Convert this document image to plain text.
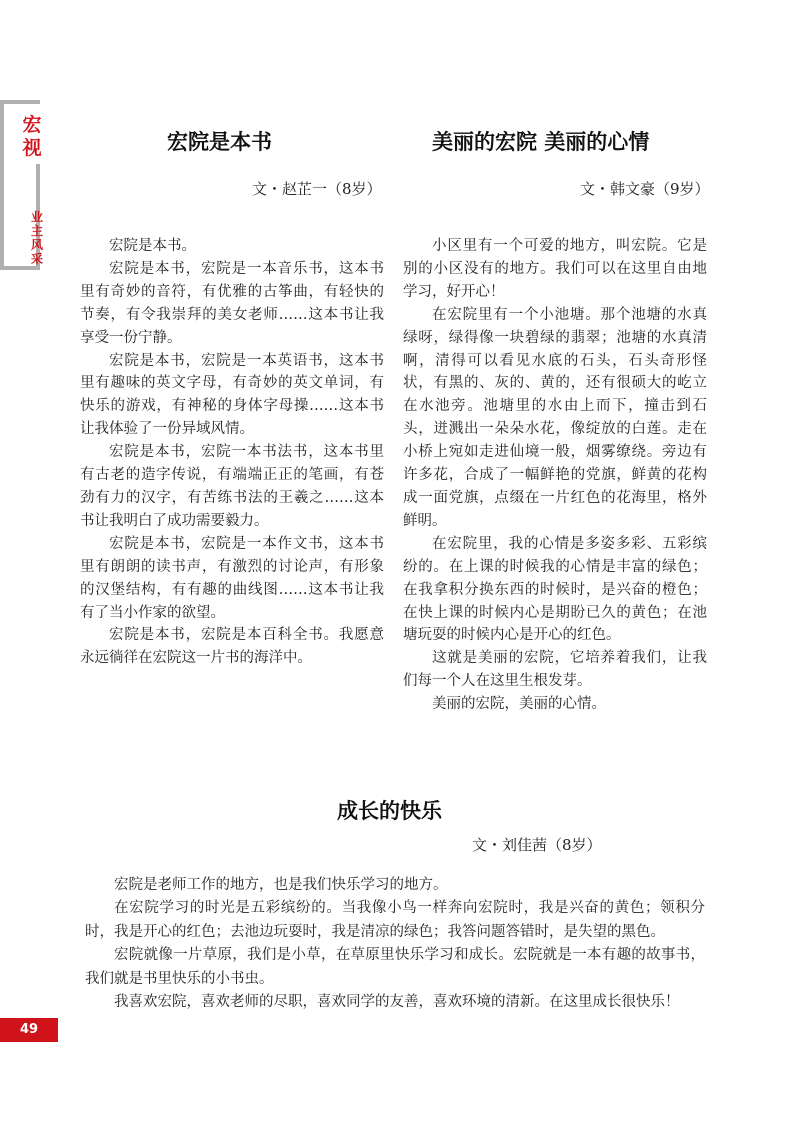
宏视
业主风采
宏院是本书
文・赵芷一（8岁）

宏院是本书。

宏院是本书，宏院是一本音乐书，这本书里有奇妙的音符，有优雅的古筝曲，有轻快的节奏，有令我崇拜的美女老师……这本书让我享受一份宁静。

宏院是本书，宏院是一本英语书，这本书里有趣味的英文字母，有奇妙的英文单词，有快乐的游戏，有神秘的身体字母操……这本书让我体验了一份异域风情。

宏院是本书，宏院一本书法书，这本书里有古老的造字传说，有端端正正的笔画，有苍劲有力的汉字，有苦练书法的王羲之……这本书让我明白了成功需要毅力。

宏院是本书，宏院是一本作文书，这本书里有朗朗的读书声，有激烈的讨论声，有形象的汉堡结构，有有趣的曲线图……这本书让我有了当小作家的欲望。

宏院是本书，宏院是本百科全书。我愿意永远徜徉在宏院这一片书的海洋中。

美丽的宏院 美丽的心情
文・韩文豪（9岁）

小区里有一个可爱的地方，叫宏院。它是别的小区没有的地方。我们可以在这里自由地学习，好开心！

在宏院里有一个小池塘。那个池塘的水真绿呀，绿得像一块碧绿的翡翠；池塘的水真清啊，清得可以看见水底的石头，石头奇形怪状，有黑的、灰的、黄的，还有很硕大的屹立在水池旁。池塘里的水由上而下，撞击到石头，迸溅出一朵朵水花，像绽放的白莲。走在小桥上宛如走进仙境一般，烟雾缭绕。旁边有许多花，合成了一幅鲜艳的党旗，鲜黄的花构成一面党旗，点缀在一片红色的花海里，格外鲜明。

在宏院里，我的心情是多姿多彩、五彩缤纷的。在上课的时候我的心情是丰富的绿色；在我拿积分换东西的时候时，是兴奋的橙色；在快上课的时候内心是期盼已久的黄色；在池塘玩耍的时候内心是开心的红色。

这就是美丽的宏院，它培养着我们，让我们每一个人在这里生根发芽。

美丽的宏院，美丽的心情。

成长的快乐
文・刘佳茜（8岁）

宏院是老师工作的地方，也是我们快乐学习的地方。

在宏院学习的时光是五彩缤纷的。当我像小鸟一样奔向宏院时，我是兴奋的黄色；领积分时，我是开心的红色；去池边玩耍时，我是清凉的绿色；我答问题答错时，是失望的黑色。

宏院就像一片草原，我们是小草，在草原里快乐学习和成长。宏院就是一本有趣的故事书，我们就是书里快乐的小书虫。

我喜欢宏院，喜欢老师的尽职，喜欢同学的友善，喜欢环境的清新。在这里成长很快乐！

49
